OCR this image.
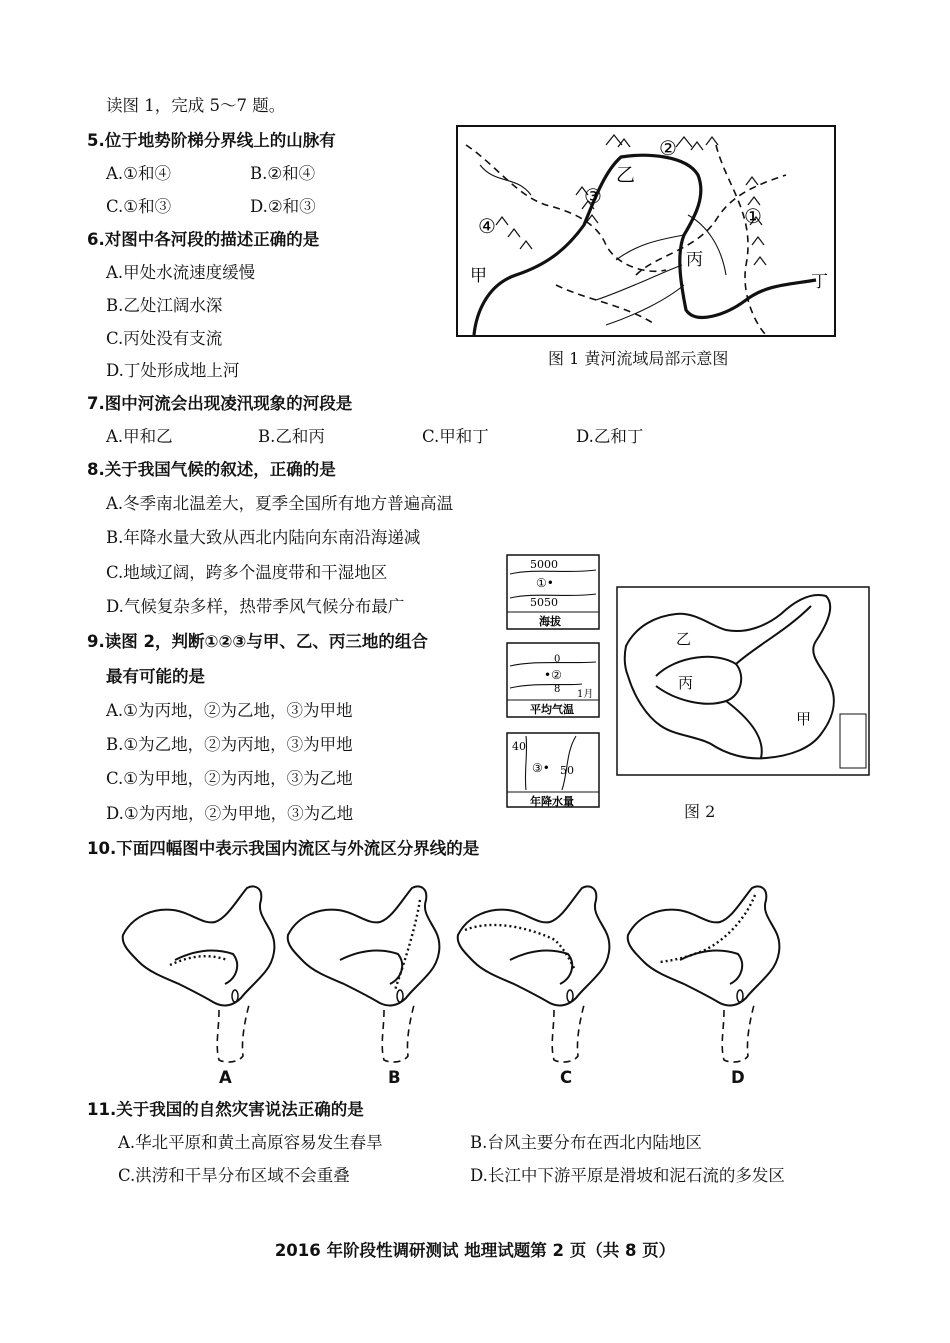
读图 1，完成 5～7 题。
5.位于地势阶梯分界线上的山脉有
A.①和④	B.②和④
C.①和③	D.②和③
6.对图中各河段的描述正确的是
A.甲处水流速度缓慢
B.乙处江阔水深
C.丙处没有支流
D.丁处形成地上河
7.图中河流会出现凌汛现象的河段是
A.甲和乙	B.乙和丙	C.甲和丁	D.乙和丁
8.关于我国气候的叙述，正确的是
A.冬季南北温差大，夏季全国所有地方普遍高温
B.年降水量大致从西北内陆向东南沿海递减
C.地域辽阔，跨多个温度带和干湿地区
D.气候复杂多样，热带季风气候分布最广
9.读图 2，判断①②③与甲、乙、丙三地的组合
最有可能的是
A.①为丙地，②为乙地，③为甲地
B.①为乙地，②为丙地，③为甲地
C.①为甲地，②为丙地，③为乙地
D.①为丙地，②为甲地，③为乙地
10.下面四幅图中表示我国内流区与外流区分界线的是
11.关于我国的自然灾害说法正确的是
A.华北平原和黄土高原容易发生春旱	B.台风主要分布在西北内陆地区
C.洪涝和干旱分布区域不会重叠	D.长江中下游平原是滑坡和泥石流的多发区
2016 年阶段性调研测试 地理试题第 2 页（共 8 页）
②
③
④	①
乙
甲
丙
丁
图 1 黄河流域局部示意图
5000
①•
5050
海拔
0
•②
8 1月
平均气温
40
③• 50
年降水量
乙
丙
甲
图 2
A	B	C	D
